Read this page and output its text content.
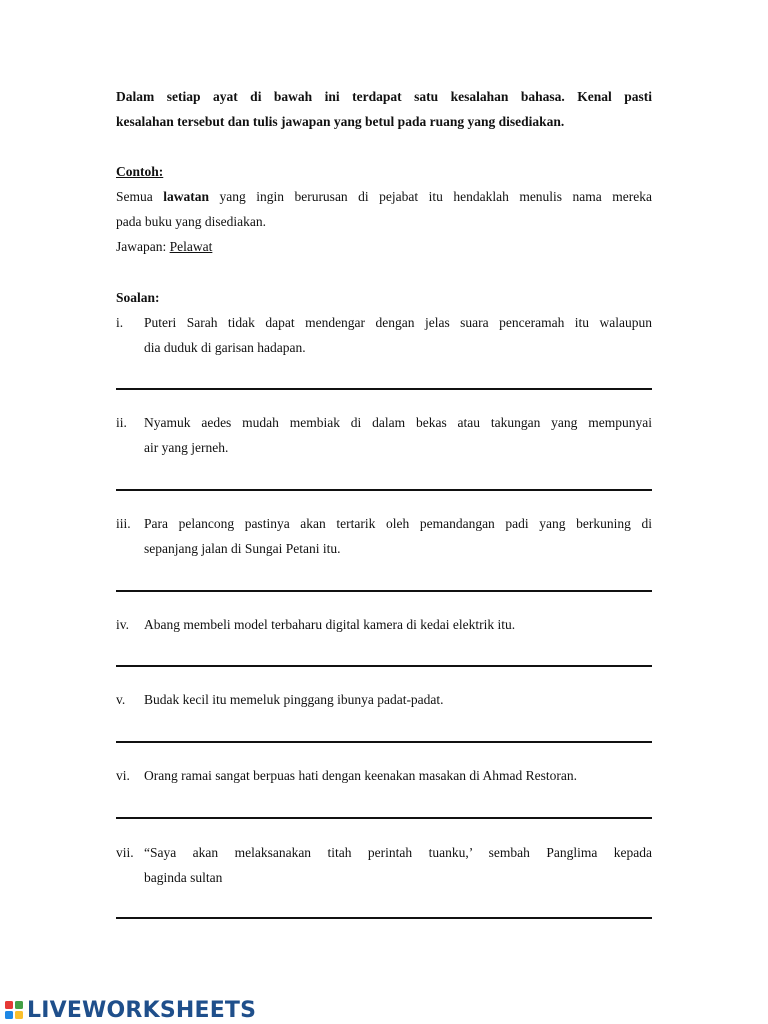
Dalam setiap ayat di bawah ini terdapat satu kesalahan bahasa. Kenal pasti
kesalahan tersebut dan tulis jawapan yang betul pada ruang yang disediakan.
Contoh:
Semua lawatan yang ingin berurusan di pejabat itu hendaklah menulis nama mereka
pada buku yang disediakan.
Jawapan: Pelawat
Soalan:
i. Puteri Sarah tidak dapat mendengar dengan jelas suara penceramah itu walaupun
dia duduk di garisan hadapan.
ii. Nyamuk aedes mudah membiak di dalam bekas atau takungan yang mempunyai
air yang jerneh.
iii. Para pelancong pastinya akan tertarik oleh pemandangan padi yang berkuning di
sepanjang jalan di Sungai Petani itu.
iv. Abang membeli model terbaharu digital kamera di kedai elektrik itu.
v. Budak kecil itu memeluk pinggang ibunya padat-padat.
vi. Orang ramai sangat berpuas hati dengan keenakan masakan di Ahmad Restoran.
vii. “Saya akan melaksanakan titah perintah tuanku,’ sembah Panglima kepada
baginda sultan
LIVEWORKSHEETS
